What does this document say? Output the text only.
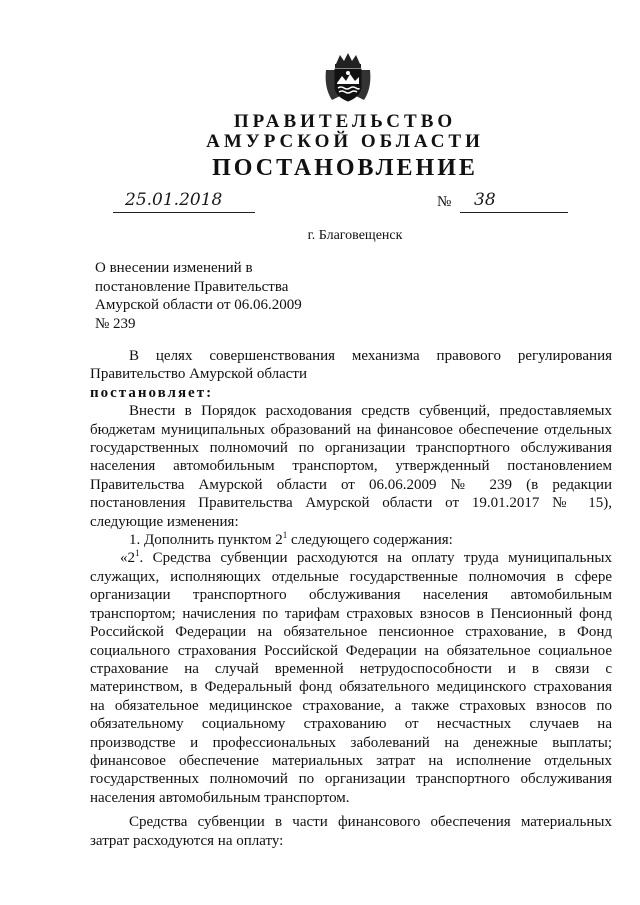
ПРАВИТЕЛЬСТВО
АМУРСКОЙ ОБЛАСТИ
ПОСТАНОВЛЕНИЕ
25.01.2018	№ 38
г. Благовещенск
О внесении изменений в
постановление Правительства
Амурской области от 06.06.2009
№ 239

В целях совершенствования механизма правового регулирования

Правительство Амурской области

постановляет:

Внести в Порядок расходования средств субвенций, предоставляемых

бюджетам муниципальных образований на финансовое обеспечение отдельных

государственных полномочий по организации транспортного обслуживания

населения автомобильным транспортом, утвержденный постановлением

Правительства Амурской области от 06.06.2009 № 239 (в редакции

постановления Правительства Амурской области от 19.01.2017 № 15),

следующие изменения:

1. Дополнить пунктом $2^1$ следующего содержания:

«$2^1$. Средства субвенции расходуются на оплату труда муниципальных

служащих, исполняющих отдельные государственные полномочия в сфере

организации транспортного обслуживания населения автомобильным

транспортом; начисления по тарифам страховых взносов в Пенсионный фонд

Российской Федерации на обязательное пенсионное страхование, в Фонд

социального страхования Российской Федерации на обязательное социальное

страхование на случай временной нетрудоспособности и в связи с

материнством, в Федеральный фонд обязательного медицинского страхования

на обязательное медицинское страхование, а также страховых взносов по

обязательному социальному страхованию от несчастных случаев на

производстве и профессиональных заболеваний на денежные выплаты;

финансовое обеспечение материальных затрат на исполнение отдельных

государственных полномочий по организации транспортного обслуживания

населения автомобильным транспортом.

Средства субвенции в части финансового обеспечения материальных

затрат расходуются на оплату:
